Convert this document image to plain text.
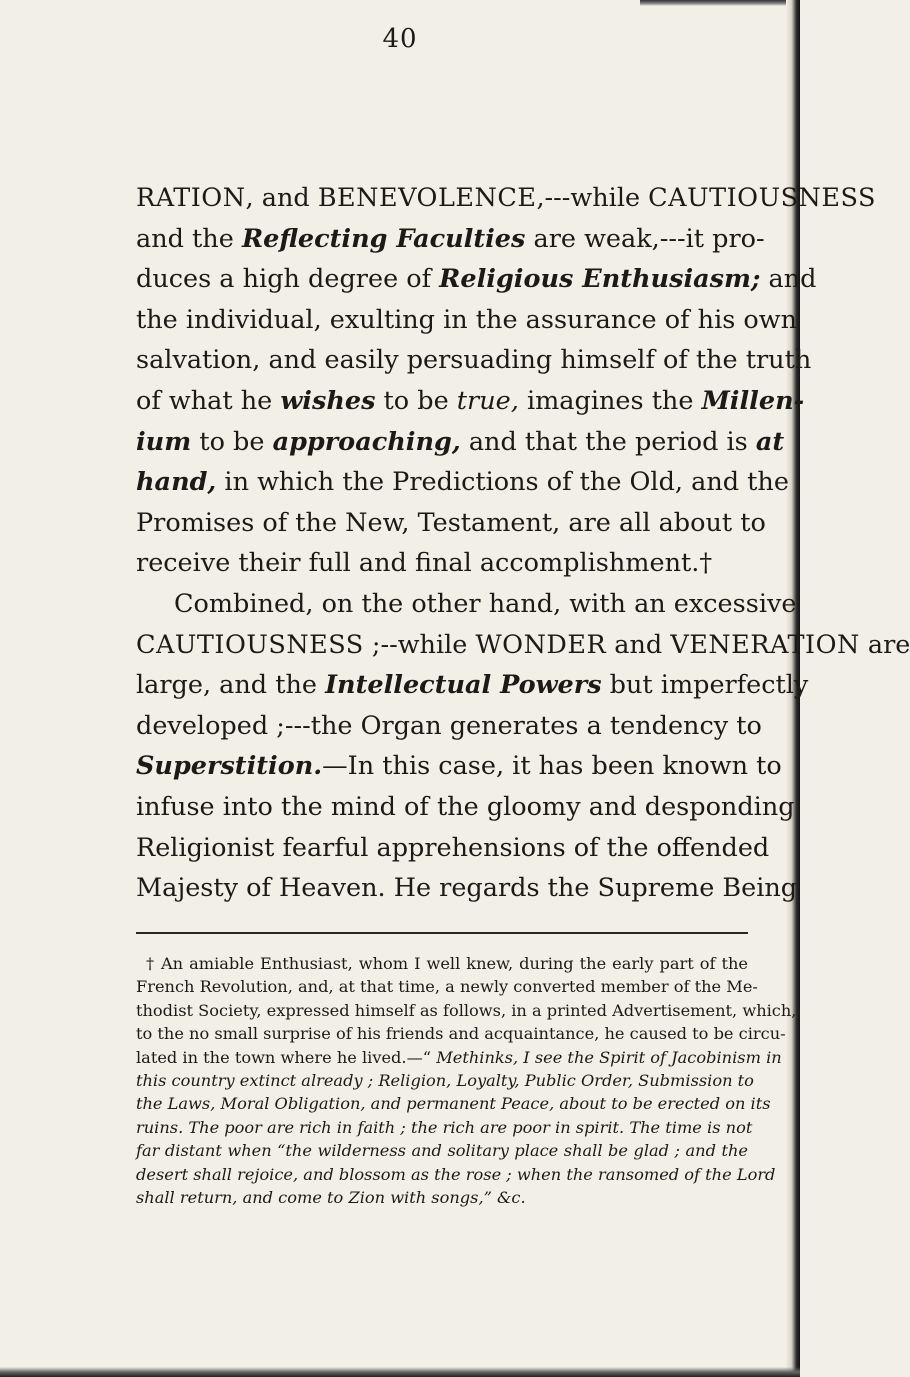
40
RATION, and BENEVOLENCE,---while CAUTIOUSNESS
and the Reflecting Faculties are weak,---it pro-
duces a high degree of Religious Enthusiasm; and
the individual, exulting in the assurance of his own
salvation, and easily persuading himself of the truth
of what he wishes to be true, imagines the Millen-
ium to be approaching, and that the period is at
hand, in which the Predictions of the Old, and the
Promises of the New, Testament, are all about to
receive their full and final accomplishment.†
Combined, on the other hand, with an excessive
CAUTIOUSNESS ;--while WONDER and VENERATION are
large, and the Intellectual Powers but imperfectly
developed ;---the Organ generates a tendency to
Superstition.—In this case, it has been known to
infuse into the mind of the gloomy and desponding
Religionist fearful apprehensions of the offended
Majesty of Heaven. He regards the Supreme Being
† An amiable Enthusiast, whom I well knew, during the early part of the
French Revolution, and, at that time, a newly converted member of the Me-
thodist Society, expressed himself as follows, in a printed Advertisement, which,
to the no small surprise of his friends and acquaintance, he caused to be circu-
lated in the town where he lived.—“ Methinks, I see the Spirit of Jacobinism in
this country extinct already ; Religion, Loyalty, Public Order, Submission to
the Laws, Moral Obligation, and permanent Peace, about to be erected on its
ruins. The poor are rich in faith ; the rich are poor in spirit. The time is not
far distant when “the wilderness and solitary place shall be glad ; and the
desert shall rejoice, and blossom as the rose ; when the ransomed of the Lord
shall return, and come to Zion with songs,” &c.
